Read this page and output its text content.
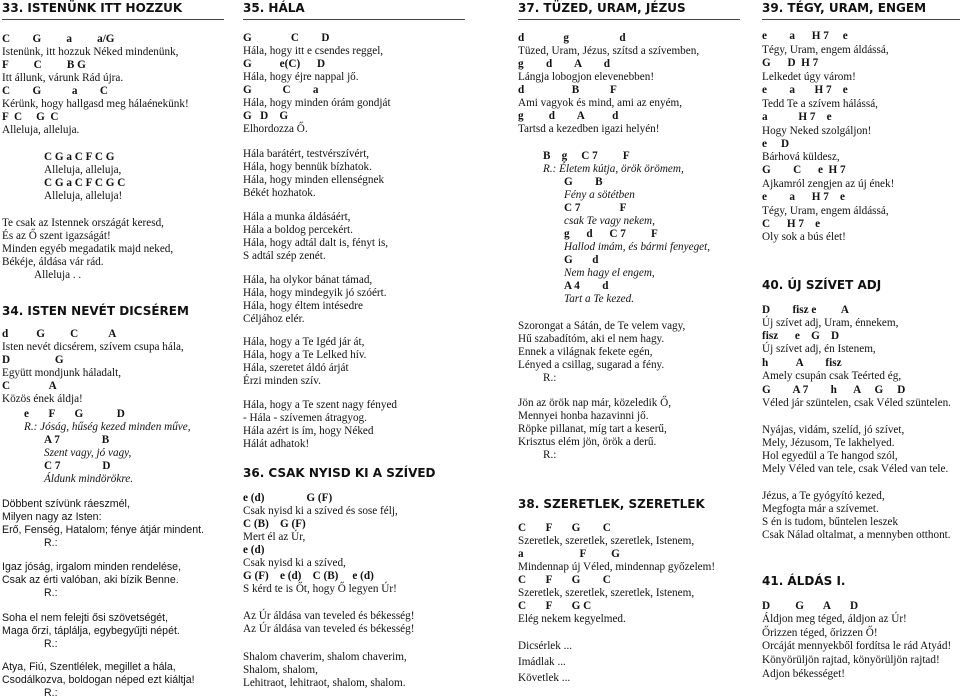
33. ISTENÜNK ITT HOZZUK
C        G         a         a/G
Istenünk, itt hozzuk Néked mindenünk,
F         C         B G
Itt állunk, várunk Rád újra.
C        G           a        C
Kérünk, hogy hallgasd meg hálaénekünk!
F  C     G  C
Alleluja, alleluja.
C G a C F C G
Alleluja, alleluja,
C G a C F C G C
Alleluja, alleluja!
Te csak az Istennek országát keresd,
És az Ő szent igazságát!
Minden egyéb megadatik majd neked,
Békéje, áldása vár rád.
Alleluja . .
34. ISTEN NEVÉT DICSÉREM
d          G         C           A
Isten nevét dicsérem, szívem csupa hála,
D                G
Együtt mondjunk háladalt,
C              A
Közös ének áldja!
e       F       G            D
R.: Jóság, hűség kezed minden műve,
A 7               B
Szent vagy, jó vagy,
C 7               D
Áldunk mindörökre.
Döbbent szívünk ráeszmél,
Milyen nagy az Isten:
Erő, Fenség, Hatalom; fénye átjár mindent.
R.:
Igaz jóság, irgalom minden rendelése,
Csak az érti valóban, aki bízik Benne.
R.:
Soha el nem felejti ősi szövetségét,
Maga őrzi, táplálja, egybegyűjti népét.
R.:
Atya, Fiú, Szentlélek, megillet a hála,
Csodálkozva, boldogan néped ezt kiáltja!
R.:
35. HÁLA
G              C        D
Hála, hogy itt e csendes reggel,
G          e(C)      D
Hála, hogy éjre nappal jő.
G           C        a
Hála, hogy minden órám gondját
G   D    G
Elhordozza Ő.
Hála barátért, testvérszívért,
Hála, hogy bennük bízhatok.
Hála, hogy minden ellenségnek
Békét hozhatok.
Hála a munka áldásáért,
Hála a boldog percekért.
Hála, hogy adtál dalt is, fényt is,
S adtál szép zenét.
Hála, ha olykor bánat támad,
Hála, hogy mindegyik jó szóért.
Hála, hogy éltem intésedre
Céljához elér.
Hála, hogy a Te Igéd jár át,
Hála, hogy a Te Lelked hív.
Hála, szeretet áldó árját
Érzi minden szív.
Hála, hogy a Te szent nagy fényed
- Hála - szívemen átragyog.
Hála azért is ím, hogy Néked
Hálát adhatok!
36. CSAK NYISD KI A SZÍVED
e (d)               G (F)
Csak nyisd ki a szíved és sose félj,
C (B)    G (F)
Mert él az Úr,
e (d)
Csak nyisd ki a szíved,
G (F)    e (d)    C (B)     e (d)
S kérd te is Őt, hogy Ő legyen Úr!
Az Úr áldása van teveled és békesség!
Az Úr áldása van teveled és békesség!
Shalom chaverim, shalom chaverim,
Shalom, shalom,
Lehitraot, lehitraot, shalom, shalom.
37. TÜZED, URAM, JÉZUS
d              g                  d
Tüzed, Uram, Jézus, szítsd a szívemben,
g        d        A        d
Lángja lobogjon elevenebben!
d                 B           F
Ami vagyok és mind, ami az enyém,
g         d        A          d
Tartsd a kezedben igazi helyén!
B    g     C 7         F
R.: Életem kútja, örök örömem,
G        B
Fény a sötétben
C 7              F
csak Te vagy nekem,
g      d      C 7         F
Hallod imám, és bármi fenyeget,
G       d
Nem hagy el engem,
A 4        d
Tart a Te kezed.
Szorongat a Sátán, de Te velem vagy,
Hű szabadítóm, aki el nem hagy.
Ennek a világnak fekete egén,
Lényed a csillag, sugarad a fény.
R.:
Jön az örök nap már, közeledik Ő,
Mennyei honba hazavinni jő.
Röpke pillanat, míg tart a keserű,
Krisztus elém jön, örök a derű.
R.:
38. SZERETLEK, SZERETLEK
C       F       G        C
Szeretlek, szeretlek, szeretlek, Istenem,
a                    F         G
Mindennap új Véled, mindennap győzelem!
C       F       G        C
Szeretlek, szeretlek, szeretlek, Istenem,
C       F       G C
Elég nekem kegyelmed.
Dicsérlek ...
Imádlak ...
Követlek ...
39. TÉGY, URAM, ENGEM
e        a      H 7     e
Tégy, Uram, engem áldássá,
G      D  H 7
Lelkedet úgy várom!
e        a       H 7    e
Tedd Te a szívem hálássá,
a           H 7    e
Hogy Neked szolgáljon!
e     D
Bárhová küldesz,
G        C      e  H 7
Ajkamról zengjen az új ének!
e        a      H 7    e
Tégy, Uram, engem áldássá,
C      H 7    e
Oly sok a bús élet!
40. ÚJ SZÍVET ADJ
D        fisz e         A
Új szívet adj, Uram, énnekem,
fisz      e    G    D
Új szívet adj, én Istenem,
h          A        fisz
Amely csupán csak Teérted ég,
G        A 7        h      A     G     D
Véled jár szüntelen, csak Véled szüntelen.
Nyájas, vidám, szelíd, jó szívet,
Mely, Jézusom, Te lakhelyed.
Hol egyedül a Te hangod szól,
Mely Véled van tele, csak Véled van tele.
Jézus, a Te gyógyító kezed,
Megfogta már a szívemet.
S én is tudom, bűntelen leszek
Csak Nálad oltalmat, a mennyben otthont.
41. ÁLDÁS I.
D         G       A       D
Áldjon meg téged, áldjon az Úr!
Őrizzen téged, őrizzen Ő!
Orcáját mennyekből fordítsa le rád Atyád!
Könyörüljön rajtad, könyörüljön rajtad!
Adjon békességet!
